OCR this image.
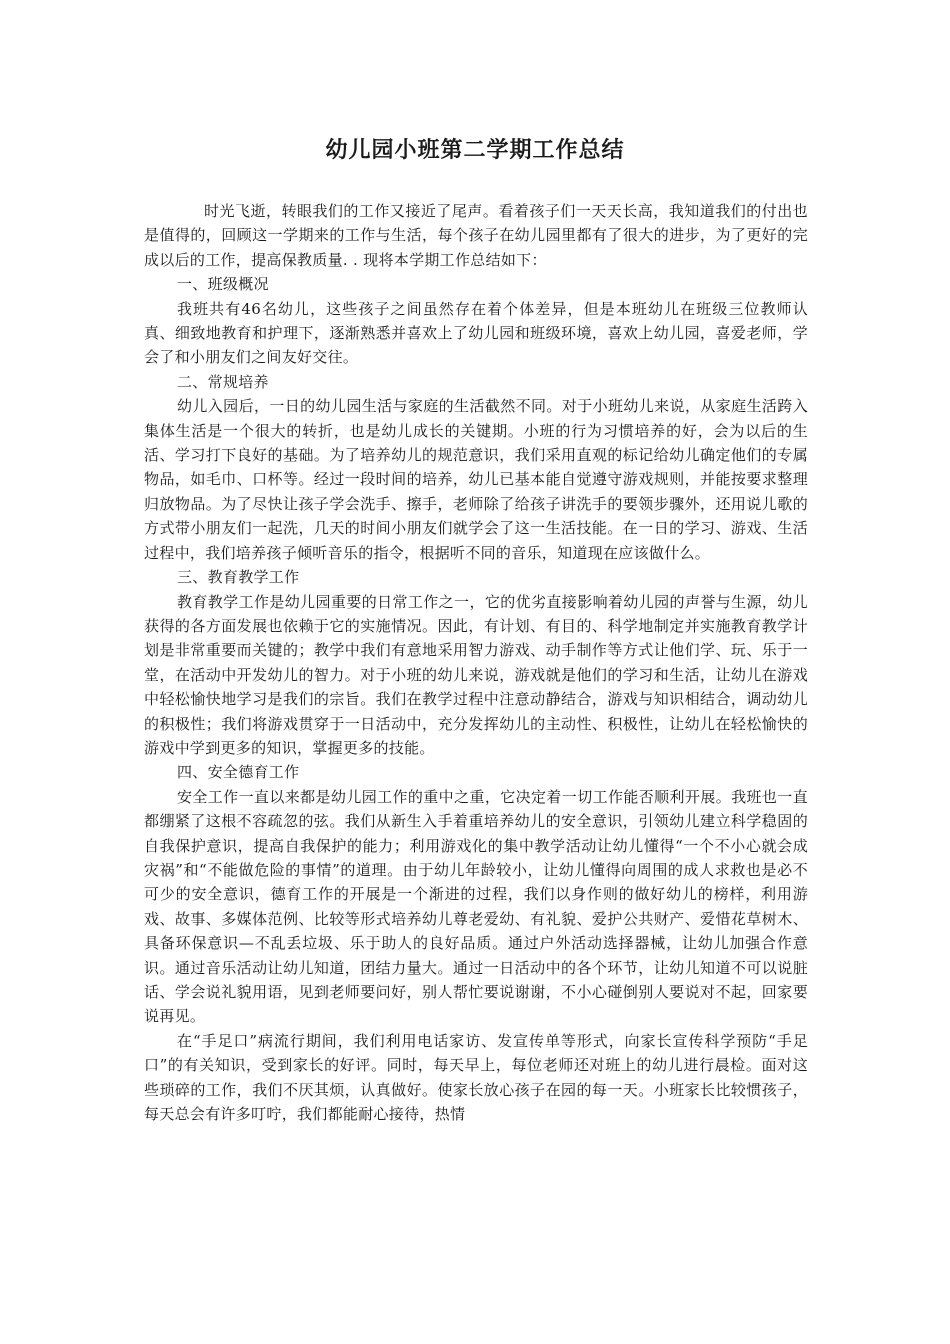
幼儿园小班第二学期工作总结

时光飞逝，转眼我们的工作又接近了尾声。看着孩子们一天天长高，我知道我们的付出也是值得的，回顾这一学期来的工作与生活，每个孩子在幼儿园里都有了很大的进步，为了更好的完成以后的工作，提高保教质量. . 现将本学期工作总结如下：

一、班级概况

我班共有46名幼儿，这些孩子之间虽然存在着个体差异，但是本班幼儿在班级三位教师认真、细致地教育和护理下，逐渐熟悉并喜欢上了幼儿园和班级环境，喜欢上幼儿园，喜爱老师，学会了和小朋友们之间友好交往。

二、常规培养

幼儿入园后，一日的幼儿园生活与家庭的生活截然不同。对于小班幼儿来说，从家庭生活跨入集体生活是一个很大的转折，也是幼儿成长的关键期。小班的行为习惯培养的好，会为以后的生活、学习打下良好的基础。为了培养幼儿的规范意识，我们采用直观的标记给幼儿确定他们的专属物品，如毛巾、口杯等。经过一段时间的培养，幼儿已基本能自觉遵守游戏规则，并能按要求整理归放物品。为了尽快让孩子学会洗手、擦手，老师除了给孩子讲洗手的要领步骤外，还用说儿歌的方式带小朋友们一起洗，几天的时间小朋友们就学会了这一生活技能。在一日的学习、游戏、生活过程中，我们培养孩子倾听音乐的指令，根据听不同的音乐，知道现在应该做什么。

三、教育教学工作

教育教学工作是幼儿园重要的日常工作之一，它的优劣直接影响着幼儿园的声誉与生源，幼儿获得的各方面发展也依赖于它的实施情况。因此，有计划、有目的、科学地制定并实施教育教学计划是非常重要而关键的；教学中我们有意地采用智力游戏、动手制作等方式让他们学、玩、乐于一堂，在活动中开发幼儿的智力。对于小班的幼儿来说，游戏就是他们的学习和生活，让幼儿在游戏中轻松愉快地学习是我们的宗旨。我们在教学过程中注意动静结合，游戏与知识相结合，调动幼儿的积极性；我们将游戏贯穿于一日活动中，充分发挥幼儿的主动性、积极性，让幼儿在轻松愉快的游戏中学到更多的知识，掌握更多的技能。

四、安全德育工作

安全工作一直以来都是幼儿园工作的重中之重，它决定着一切工作能否顺利开展。我班也一直都绷紧了这根不容疏忽的弦。我们从新生入手着重培养幼儿的安全意识，引领幼儿建立科学稳固的自我保护意识，提高自我保护的能力；利用游戏化的集中教学活动让幼儿懂得“一个不小心就会成灾祸”和“不能做危险的事情”的道理。由于幼儿年龄较小，让幼儿懂得向周围的成人求救也是必不可少的安全意识，德育工作的开展是一个渐进的过程，我们以身作则的做好幼儿的榜样，利用游戏、故事、多媒体范例、比较等形式培养幼儿尊老爱幼、有礼貌、爱护公共财产、爱惜花草树木、具备环保意识—不乱丢垃圾、乐于助人的良好品质。通过户外活动选择器械，让幼儿加强合作意识。通过音乐活动让幼儿知道，团结力量大。通过一日活动中的各个环节，让幼儿知道不可以说脏话、学会说礼貌用语，见到老师要问好，别人帮忙要说谢谢，不小心碰倒别人要说对不起，回家要说再见。

在“手足口”病流行期间，我们利用电话家访、发宣传单等形式，向家长宣传科学预防“手足口”的有关知识，受到家长的好评。同时，每天早上，每位老师还对班上的幼儿进行晨检。面对这些琐碎的工作，我们不厌其烦，认真做好。使家长放心孩子在园的每一天。小班家长比较惯孩子，每天总会有许多叮咛，我们都能耐心接待，热情
